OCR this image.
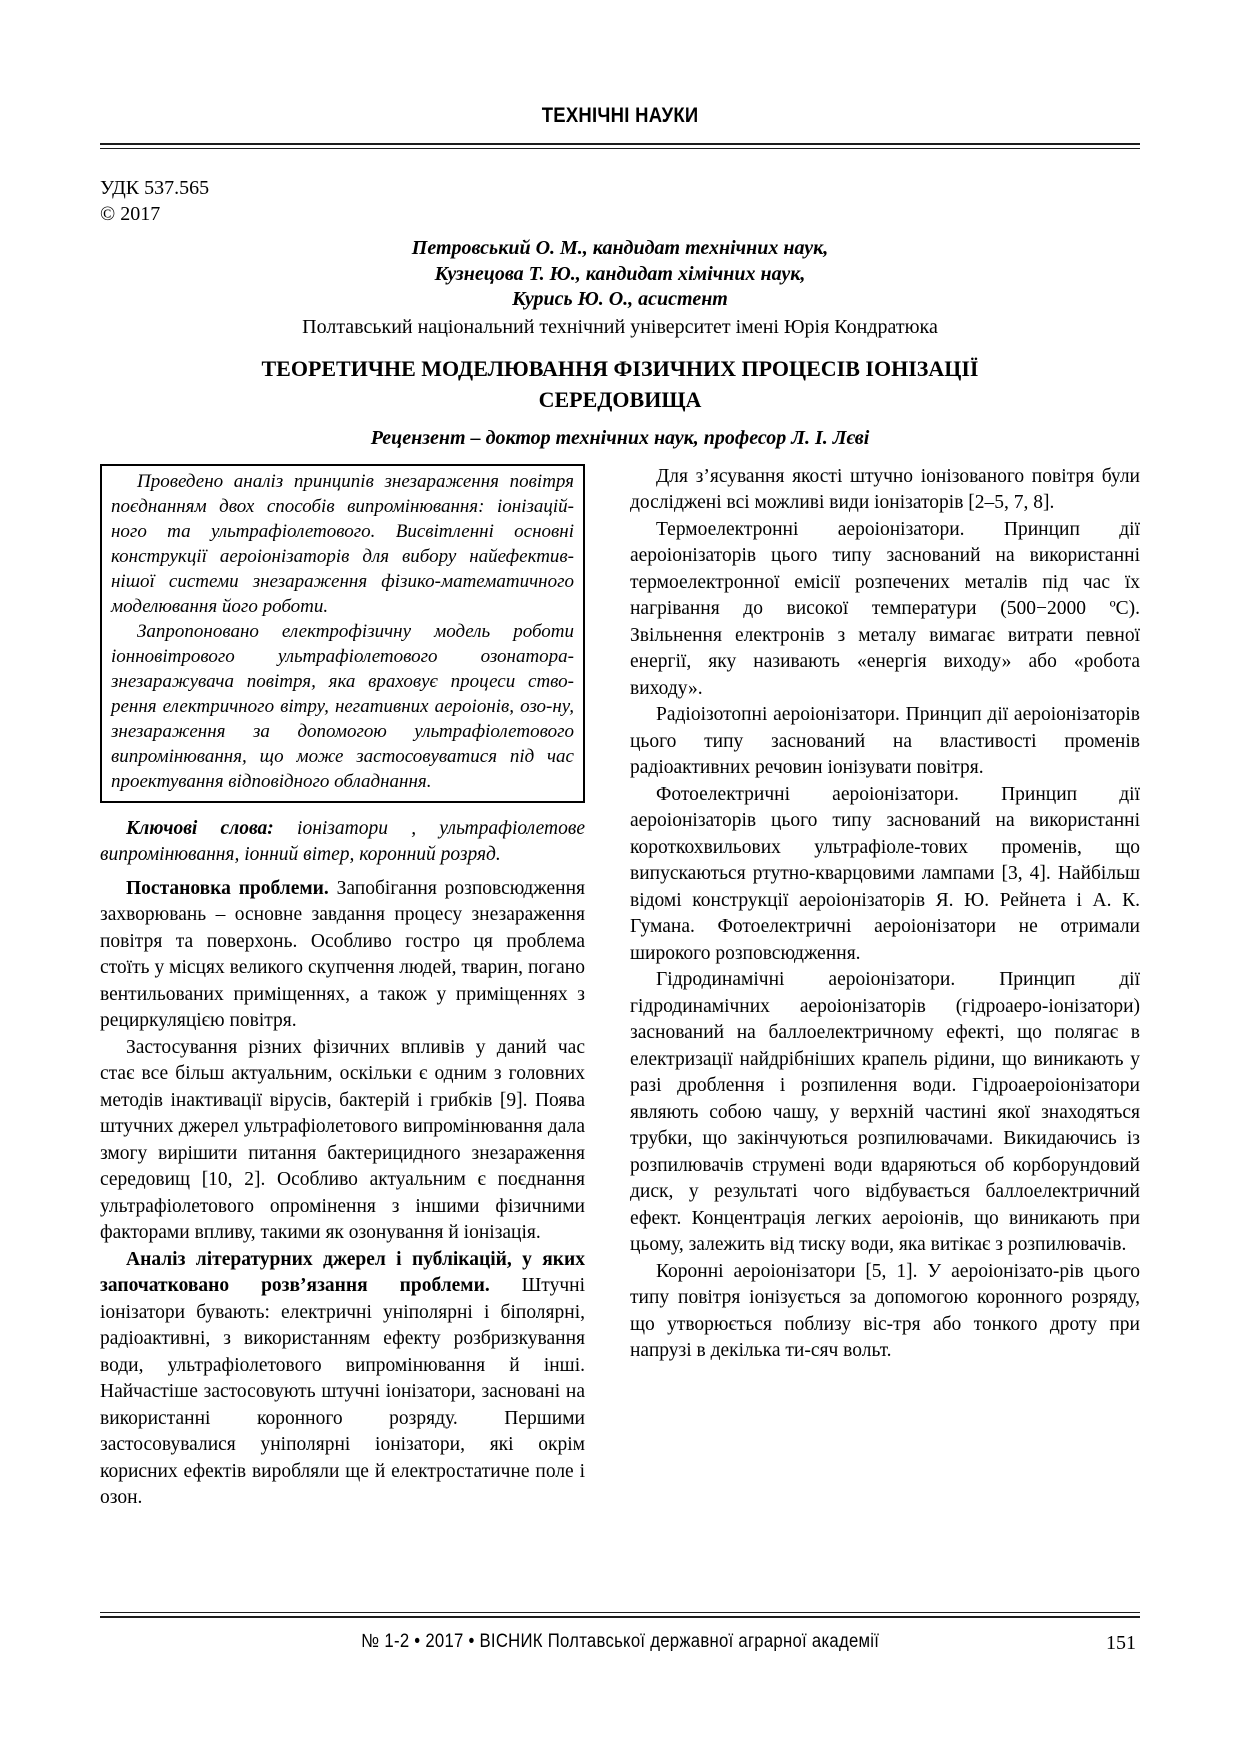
ТЕХНІЧНІ НАУКИ
УДК 537.565
© 2017
Петровський О. М., кандидат технічних наук,
Кузнецова Т. Ю., кандидат хімічних наук,
Курись Ю. О., асистент
Полтавський національний технічний університет імені Юрія Кондратюка
ТЕОРЕТИЧНЕ МОДЕЛЮВАННЯ ФІЗИЧНИХ ПРОЦЕСІВ ІОНІЗАЦІЇ
СЕРЕДОВИЩА
Рецензент – доктор технічних наук, професор Л. І. Лєві

Проведено аналіз принципів знезараження повітря поєднанням двох способів випромінювання: іонізацій-ного та ультрафіолетового. Висвітленні основні конструкції аероіонізаторів для вибору найефектив-нішої системи знезараження фізико-математичного моделювання його роботи.

Запропоновано електрофізичну модель роботи іонновітрового ультрафіолетового озонатора-знезаражувача повітря, яка враховує процеси ство-рення електричного вітру, негативних аероіонів, озо-ну, знезараження за допомогою ультрафіолетового випромінювання, що може застосовуватися під час проектування відповідного обладнання.

Ключові слова: іонізатори , ультрафіолетове випромінювання, іонний вітер, коронний розряд.

Постановка проблеми. Запобігання розповсюдження захворювань – основне завдання процесу знезараження повітря та поверхонь. Особливо гостро ця проблема стоїть у місцях великого скупчення людей, тварин, погано вентильованих приміщеннях, а також у приміщеннях з рециркуляцією повітря.

Застосування різних фізичних впливів у даний час стає все більш актуальним, оскільки є одним з головних методів інактивації вірусів, бактерій і грибків [9]. Поява штучних джерел ультрафіолетового випромінювання дала змогу вирішити питання бактерицидного знезараження середовищ [10, 2]. Особливо актуальним є поєднання ультрафіолетового опромінення з іншими фізичними факторами впливу, такими як озонування й іонізація.

Аналіз літературних джерел і публікацій, у яких започатковано розв’язання проблеми. Штучні іонізатори бувають: електричні уніполярні і біполярні, радіоактивні, з використанням ефекту розбризкування води, ультрафіолетового випромінювання й інші. Найчастіше застосовують штучні іонізатори, засновані на використанні коронного розряду. Першими застосовувалися уніполярні іонізатори, які окрім корисних ефектів виробляли ще й електростатичне поле і озон.

Для з’ясування якості штучно іонізованого повітря були досліджені всі можливі види іонізаторів [2–5, 7, 8].

Термоелектронні аероіонізатори. Принцип дії аероіонізаторів цього типу заснований на використанні термоелектронної емісії розпечених металів під час їх нагрівання до високої температури (500−2000 ºС). Звільнення електронів з металу вимагає витрати певної енергії, яку називають «енергія виходу» або «робота виходу».

Радіоізотопні аероіонізатори. Принцип дії аероіонізаторів цього типу заснований на властивості променів радіоактивних речовин іонізувати повітря.

Фотоелектричні аероіонізатори. Принцип дії аероіонізаторів цього типу заснований на використанні короткохвильових ультрафіоле-тових променів, що випускаються ртутно-кварцовими лампами [3, 4]. Найбільш відомі конструкції аероіонізаторів Я. Ю. Рейнета і А. К. Гумана. Фотоелектричні аероіонізатори не отримали широкого розповсюдження.

Гідродинамічні аероіонізатори. Принцип дії гідродинамічних аероіонізаторів (гідроаеро-іонізатори) заснований на баллоелектричному ефекті, що полягає в електризації найдрібніших крапель рідини, що виникають у разі дроблення і розпилення води. Гідроаероіонізатори являють собою чашу, у верхній частині якої знаходяться трубки, що закінчуються розпилювачами. Викидаючись із розпилювачів струмені води вдаряються об корборундовий диск, у результаті чого відбувається баллоелектричний ефект. Концентрація легких аероіонів, що виникають при цьому, залежить від тиску води, яка витікає з розпилювачів.

Коронні аероіонізатори [5, 1]. У аероіонізато-рів цього типу повітря іонізується за допомогою коронного розряду, що утворюється поблизу віс-тря або тонкого дроту при напрузі в декілька ти-сяч вольт.

№ 1-2 • 2017 • ВІСНИК Полтавської державної аграрної академії	151
